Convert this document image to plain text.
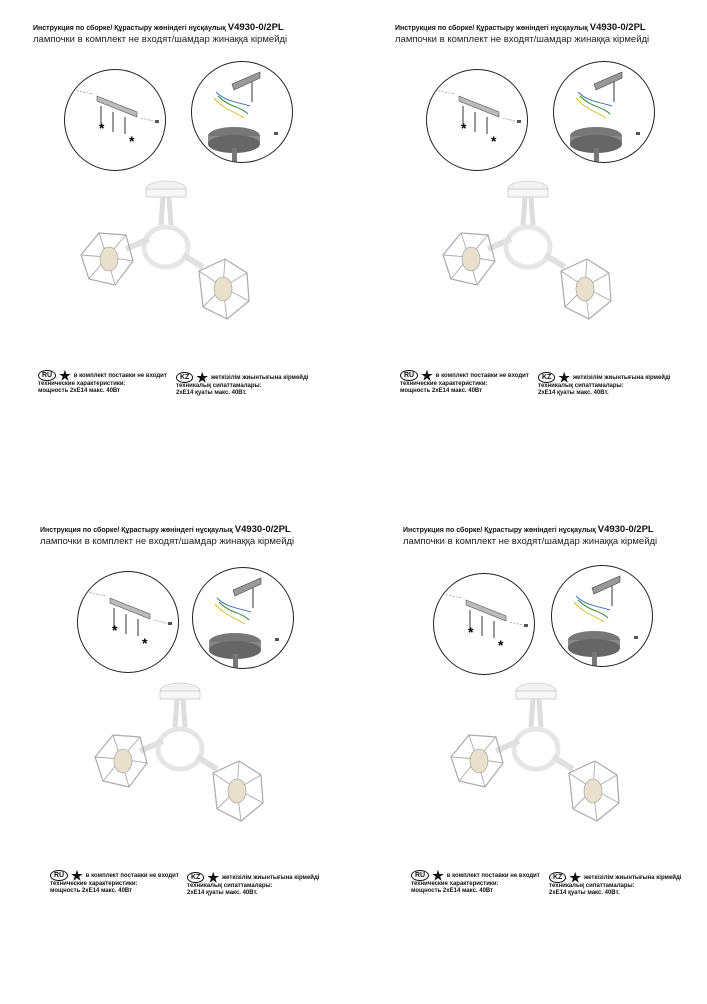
Инструкция по сборке/ Құрастыру жөніндегі нұсқаулық V4930-0/2PL
лампочки в комплект не входят/шамдар жинаққа кірмейді
*
*
RU ★ в комплект поставки не входит
технические характеристики:
мощность 2хЕ14 макс. 40Вт
KZ ★ жеткізілім жиынтығына кірмейді
техникалық сипаттамалары:
2хЕ14 қуаты макс. 40Вт.
Инструкция по сборке/ Құрастыру жөніндегі нұсқаулық V4930-0/2PL
лампочки в комплект не входят/шамдар жинаққа кірмейді
*
*
RU ★ в комплект поставки не входит
технические характеристики:
мощность 2хЕ14 макс. 40Вт
KZ ★ жеткізілім жиынтығына кірмейді
техникалық сипаттамалары:
2хЕ14 қуаты макс. 40Вт.
Инструкция по сборке/ Құрастыру жөніндегі нұсқаулық V4930-0/2PL
лампочки в комплект не входят/шамдар жинаққа кірмейді
*
*
RU ★ в комплект поставки не входит
технические характеристики:
мощность 2хЕ14 макс. 40Вт
KZ ★ жеткізілім жиынтығына кірмейді
техникалық сипаттамалары:
2хЕ14 қуаты макс. 40Вт.
Инструкция по сборке/ Құрастыру жөніндегі нұсқаулық V4930-0/2PL
лампочки в комплект не входят/шамдар жинаққа кірмейді
*
*
RU ★ в комплект поставки не входит
технические характеристики:
мощность 2хЕ14 макс. 40Вт
KZ ★ жеткізілім жиынтығына кірмейді
техникалық сипаттамалары:
2хЕ14 қуаты макс. 40Вт.
